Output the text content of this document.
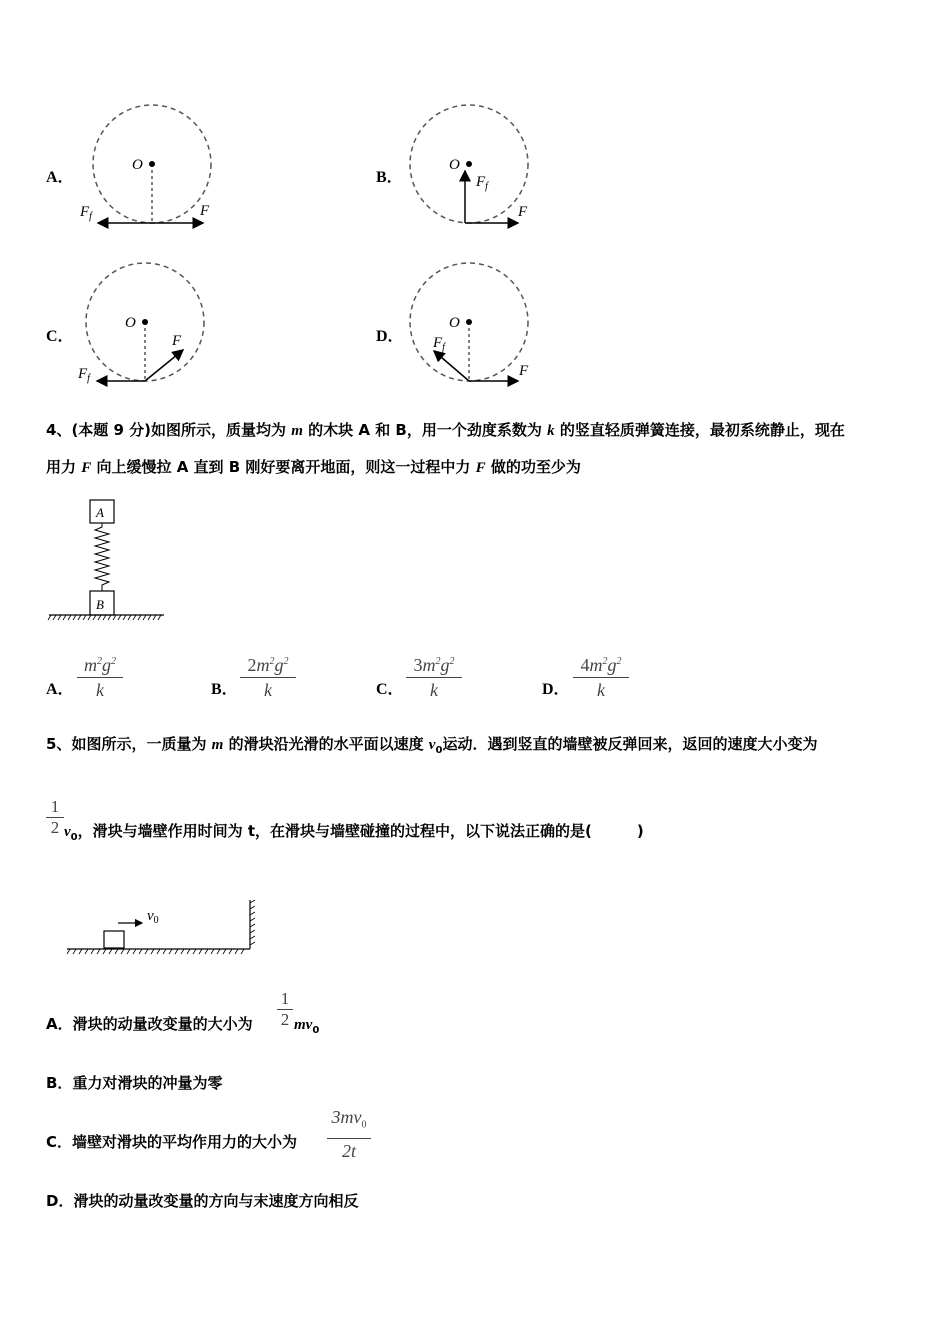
A．
O
$F_f$	F
B．
O
$F_f$
F
C．
O
$F_f$
F	D．
O
$F_f$
F
4、(本题 9 分)如图所示，质量均为 m 的木块 A 和 B，用一个劲度系数为 k 的竖直轻质弹簧连接，最初系统静止，现在
用力 F 向上缓慢拉 A 直到 B 刚好要离开地面，则这一过程中力 F 做的功至少为
A
B
A．
$m^2g^2$
k	B．
$2m^2g^2$
k	C．
$3m^2g^2$
k	D．
$4m^2g^2$
k
5、如图所示，一质量为 m 的滑块沿光滑的水平面以速度 $v_0$运动．遇到竖直的墙壁被反弹回来，返回的速度大小变为
1
2 $v_0$，滑块与墙壁作用时间为 t，在滑块与墙壁碰撞的过程中，以下说法正确的是(　　　)
$v_0$
A．滑块的动量改变量的大小为
1
2 $mv_0$
B．重力对滑块的冲量为零
C．墙壁对滑块的平均作用力的大小为
$3mv_0$
2t
D．滑块的动量改变量的方向与末速度方向相反
